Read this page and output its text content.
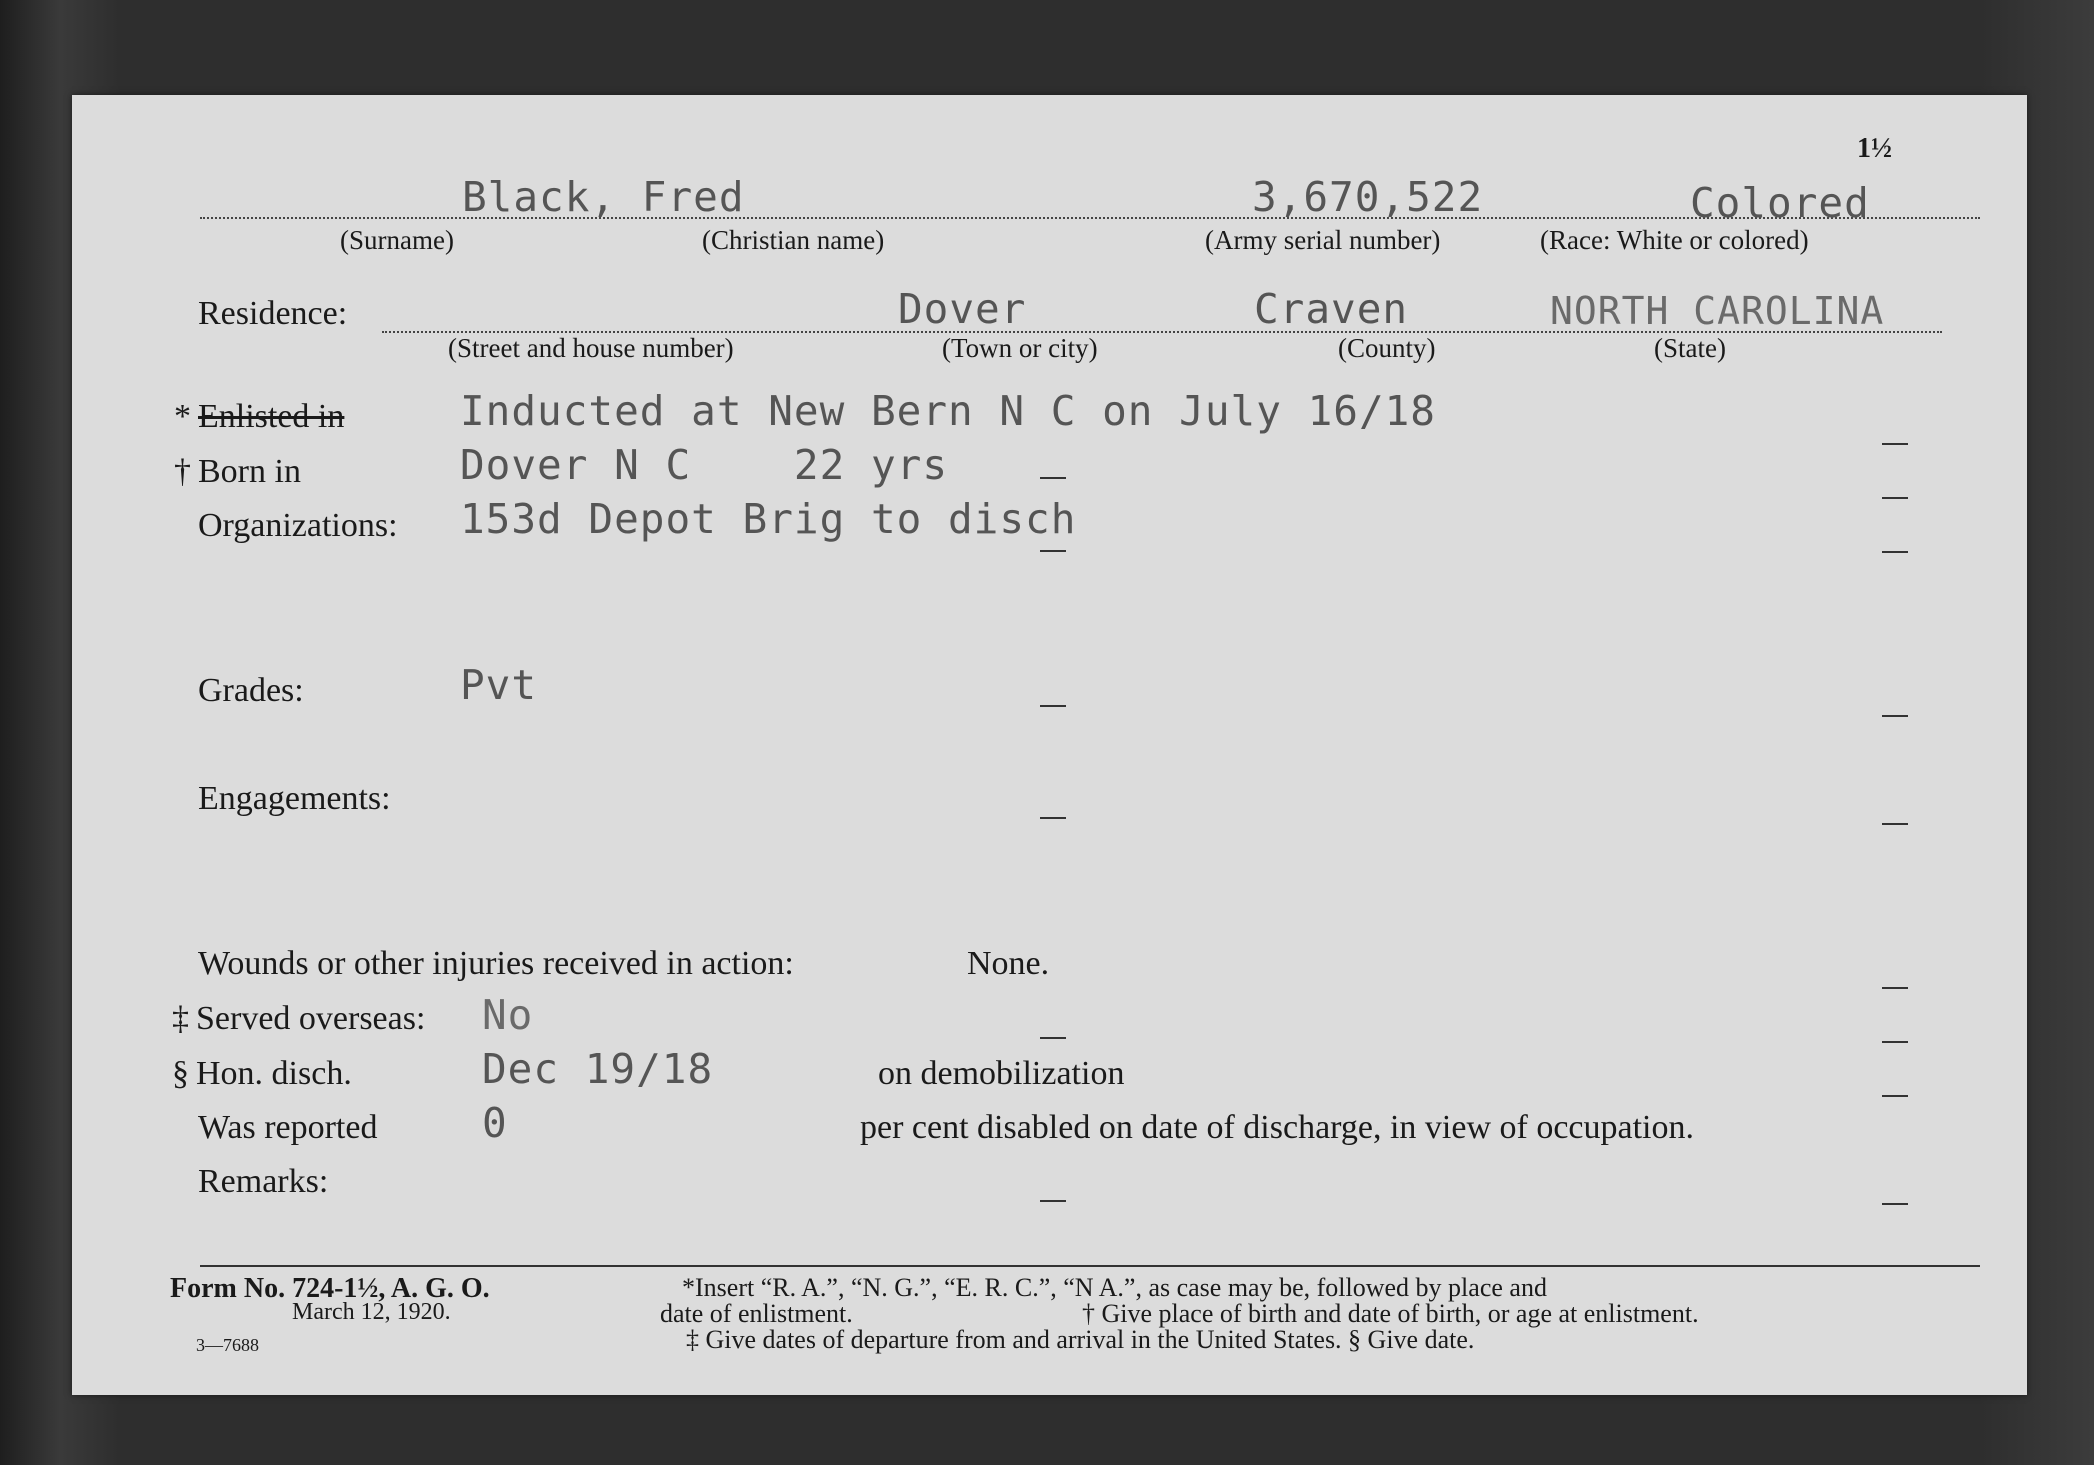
1½
Black, Fred	3,670,522	Colored
(Surname)	(Christian name)	(Army serial number)	(Race: White or colored)
Residence:	Dover	Craven	NORTH CAROLINA
(Street and house number)	(Town or city)	(County)	(State)
* Enlisted in	Inducted at New Bern N C on July 16/18
† Born in	Dover N C    22 yrs
Organizations: 153d Depot Brig to disch
Grades:	Pvt
Engagements:
Wounds or other injuries received in action:	None.
‡ Served overseas: No
§ Hon. disch.	Dec 19/18	on demobilization
Was reported	0	per cent disabled on date of discharge, in view of occupation.
Remarks:
Form No. 724-1½, A. G. O.
March 12, 1920.
3—7688
*Insert “R. A.”, “N. G.”, “E. R. C.”, “N A.”, as case may be, followed by place and
date of enlistment.	† Give place of birth and date of birth, or age at enlistment.
‡ Give dates of departure from and arrival in the United States. § Give date.
